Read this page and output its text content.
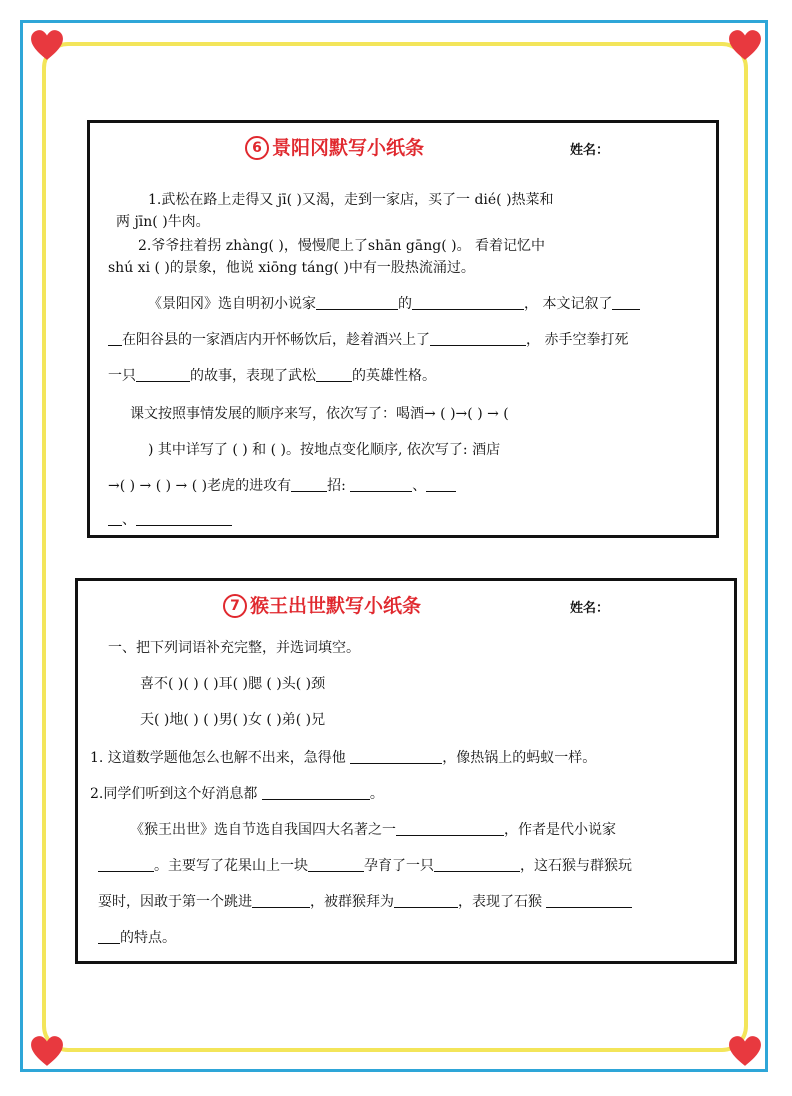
6 景阳冈默写小纸条	姓名：
1.武松在路上走得又 jī( )又渴，走到一家店，买了一 dié( )热菜和
两 jīn( )牛肉。
2.爷爷拄着拐 zhàng( )，慢慢爬上了shān gāng( )。 看着记忆中
shú xi ( )的景象，他说 xiōng táng( )中有一股热流涌过。
《景阳冈》选自明初小说家	的	， 本文记叙了
在阳谷县的一家酒店内开怀畅饮后，趁着酒兴上了	， 赤手空拳打死
一只	的故事，表现了武松	的英雄性格。
课文按照事情发展的顺序来写，依次写了：喝酒→ ( )→( ) → (
) 其中详写了 ( ) 和 ( )。按地点变化顺序, 依次写了: 酒店
→( ) → ( ) → ( )老虎的进攻有	招:	、
、
7 猴王出世默写小纸条	姓名：
一、把下列词语补充完整，并选词填空。
喜不( )( ) ( )耳( )腮 ( )头( )颈
天( )地( ) ( )男( )女 ( )弟( )兄
1. 这道数学题他怎么也解不出来，急得他	，像热锅上的蚂蚁一样。
2.同学们听到这个好消息都	。
《猴王出世》选自节选自我国四大名著之一	，作者是代小说家
。主要写了花果山上一块	孕育了一只	，这石猴与群猴玩
耍时，因敢于第一个跳进	，被群猴拜为	，表现了石猴
的特点。
